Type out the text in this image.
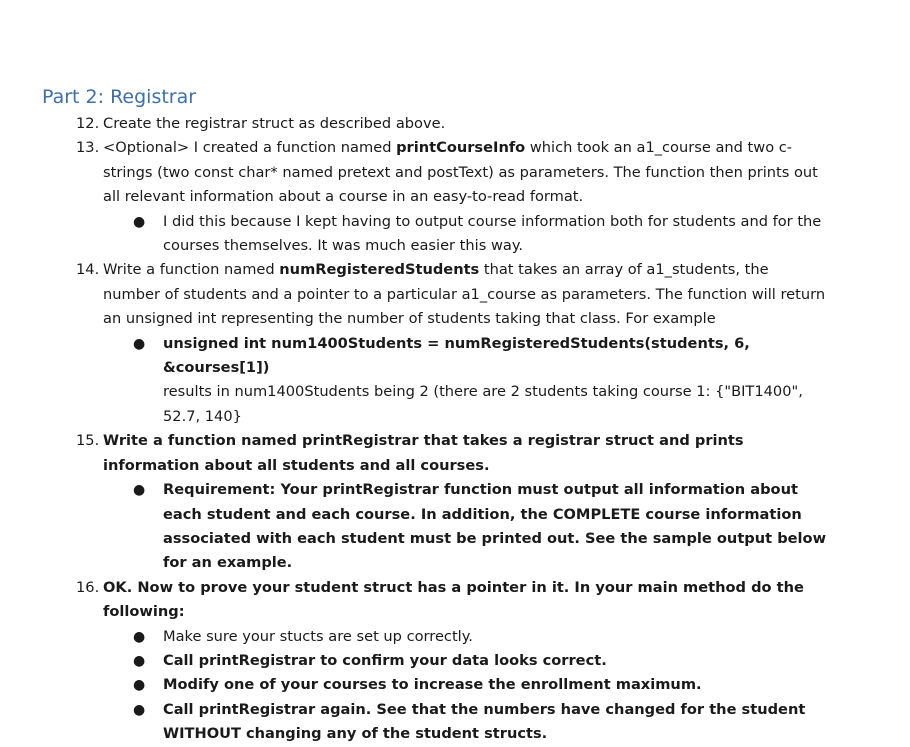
Part 2: Registrar
12. Create the registrar struct as described above.
13. <Optional> I created a function named printCourseInfo which took an a1_course and two c-strings (two const char* named pretext and postText) as parameters. The function then prints out all relevant information about a course in an easy-to-read format.
● I did this because I kept having to output course information both for students and for the courses themselves. It was much easier this way.
14. Write a function named numRegisteredStudents that takes an array of a1_students, the number of students and a pointer to a particular a1_course as parameters. The function will return an unsigned int representing the number of students taking that class. For example
● unsigned int num1400Students = numRegisteredStudents(students, 6, &courses[1])
results in num1400Students being 2 (there are 2 students taking course 1: {"BIT1400", 52.7, 140}
15. Write a function named printRegistrar that takes a registrar struct and prints information about all students and all courses.
● Requirement: Your printRegistrar function must output all information about each student and each course. In addition, the COMPLETE course information associated with each student must be printed out. See the sample output below for an example.
16. OK. Now to prove your student struct has a pointer in it. In your main method do the following:
● Make sure your stucts are set up correctly.
● Call printRegistrar to confirm your data looks correct.
● Modify one of your courses to increase the enrollment maximum.
● Call printRegistrar again. See that the numbers have changed for the student WITHOUT changing any of the student structs.
